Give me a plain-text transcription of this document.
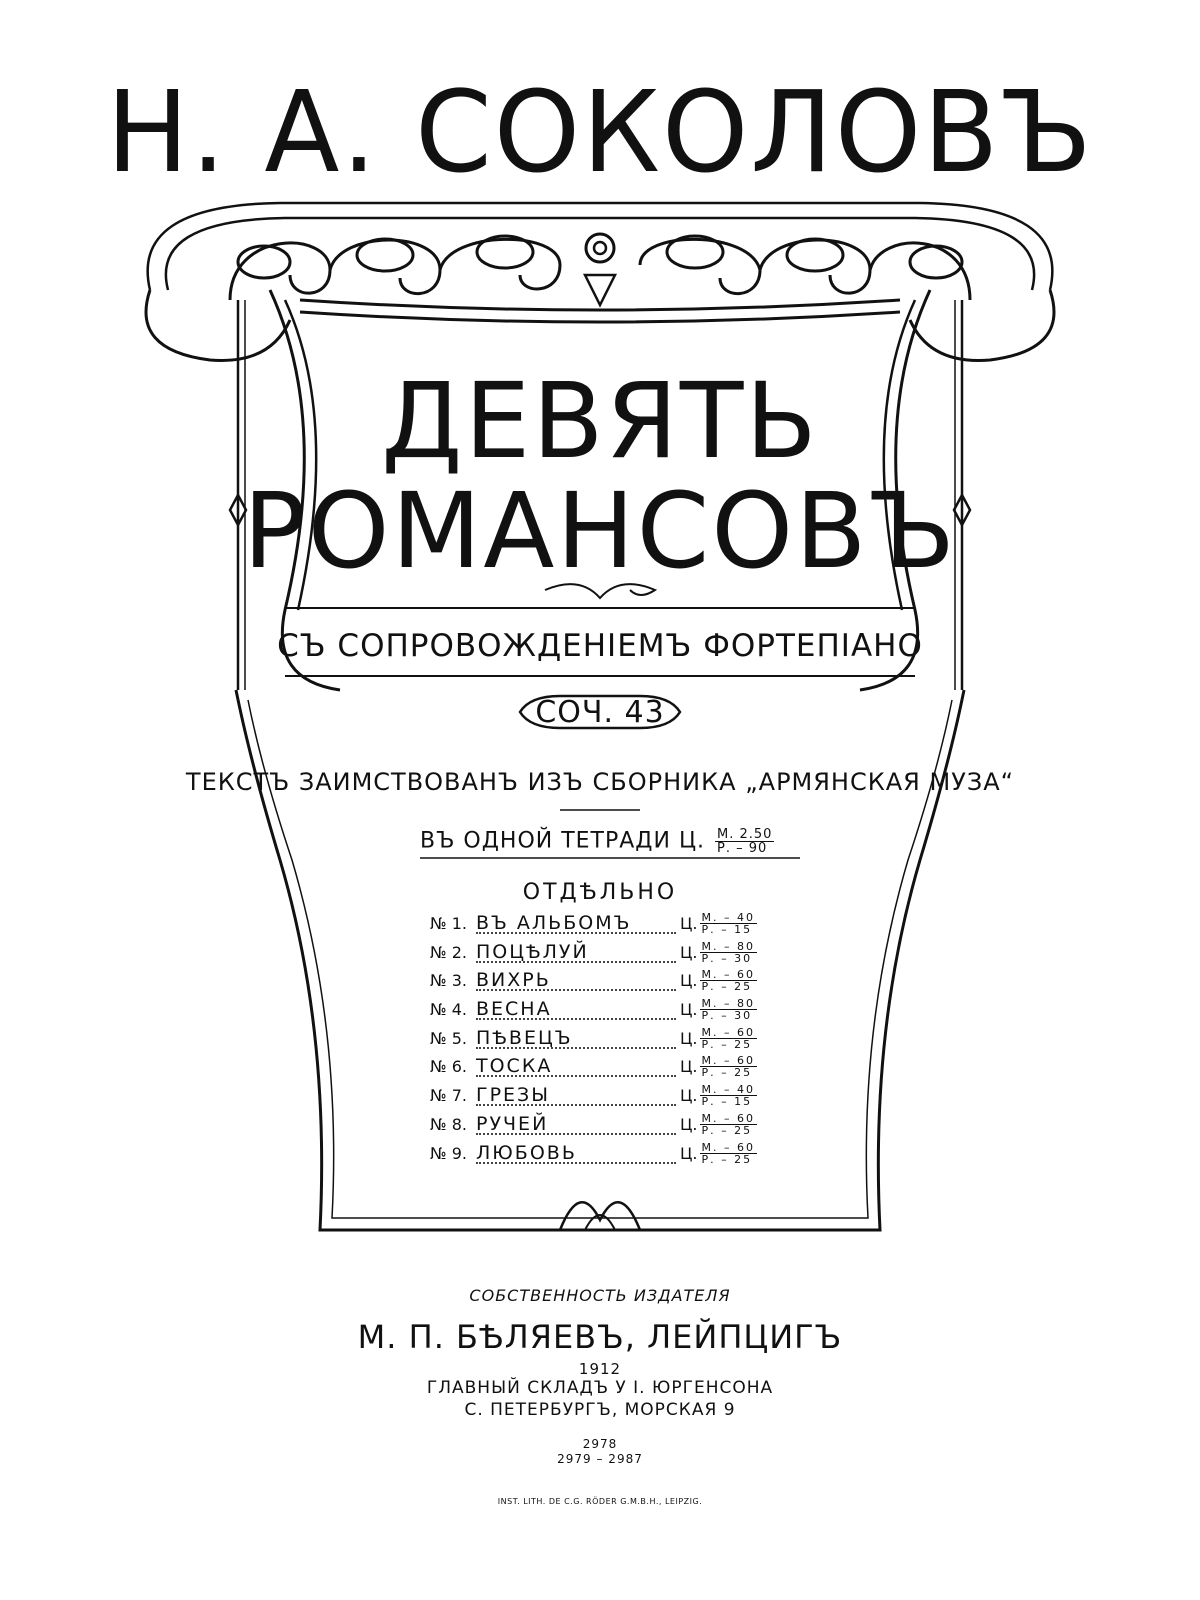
Н. А. СОКОЛОВЪ
ДЕВЯТЬ
РОМАНСОВЪ
СЪ СОПРОВОЖДЕНIЕМЪ ФОРТЕПIАНО
СОЧ. 43
ТЕКСТЪ ЗАИМСТВОВАНЪ ИЗЪ СБОРНИКА „АРМЯНСКАЯ МУЗА“
ВЪ ОДНОЙ ТЕТРАДИ Ц. $\frac{М. 2.50}{Р. - 90}$
ОТДѢЛЬНО
№ 1. ВЪ АЛЬБОМЪ	Ц. $\frac{М. - 40}{Р. - 15}$
№ 2. ПОЦѢЛУЙ	Ц. $\frac{М. - 80}{Р. - 30}$
№ 3. ВИХРЬ	Ц. $\frac{М. - 60}{Р. - 25}$
№ 4. ВЕСНА	Ц. $\frac{М. - 80}{Р. - 30}$
№ 5. ПѢВЕЦЪ	Ц. $\frac{М. - 60}{Р. - 25}$
№ 6. ТОСКА	Ц. $\frac{М. - 60}{Р. - 25}$
№ 7. ГРЕЗЫ	Ц. $\frac{М. - 40}{Р. - 15}$
№ 8. РУЧЕЙ	Ц. $\frac{М. - 60}{Р. - 25}$
№ 9. ЛЮБОВЬ	Ц. $\frac{М. - 60}{Р. - 25}$
СОБСТВЕННОСТЬ ИЗДАТЕЛЯ
М. П. БѢЛЯЕВЪ, ЛЕЙПЦИГЪ
1912
ГЛАВНЫЙ СКЛАДЪ У I. ЮРГЕНСОНА
С. ПЕТЕРБУРГЪ, МОРСКАЯ 9
2978
2979 – 2987
INST. LITH. DE C.G. RÖDER G.M.B.H., LEIPZIG.
